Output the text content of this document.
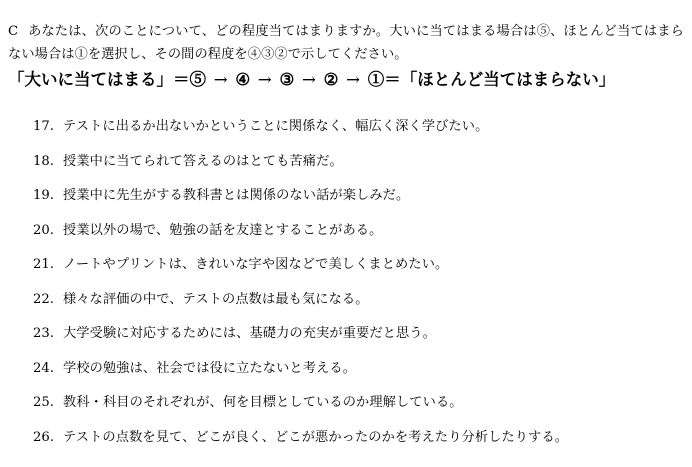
C あなたは、次のことについて、どの程度当てはまりますか。大いに当てはまる場合は⑤、ほとんど当てはまらない場合は①を選択し、その間の程度を④③②で示してください。

「大いに当てはまる」＝⑤ → ④ → ③ → ② → ①＝「ほとんど当てはまらない」
17. テストに出るか出ないかということに関係なく、幅広く深く学びたい。
18. 授業中に当てられて答えるのはとても苦痛だ。
19. 授業中に先生がする教科書とは関係のない話が楽しみだ。
20. 授業以外の場で、勉強の話を友達とすることがある。
21. ノートやプリントは、きれいな字や図などで美しくまとめたい。
22. 様々な評価の中で、テストの点数は最も気になる。
23. 大学受験に対応するためには、基礎力の充実が重要だと思う。
24. 学校の勉強は、社会では役に立たないと考える。
25. 教科・科目のそれぞれが、何を目標としているのか理解している。
26. テストの点数を見て、どこが良く、どこが悪かったのかを考えたり分析したりする。
